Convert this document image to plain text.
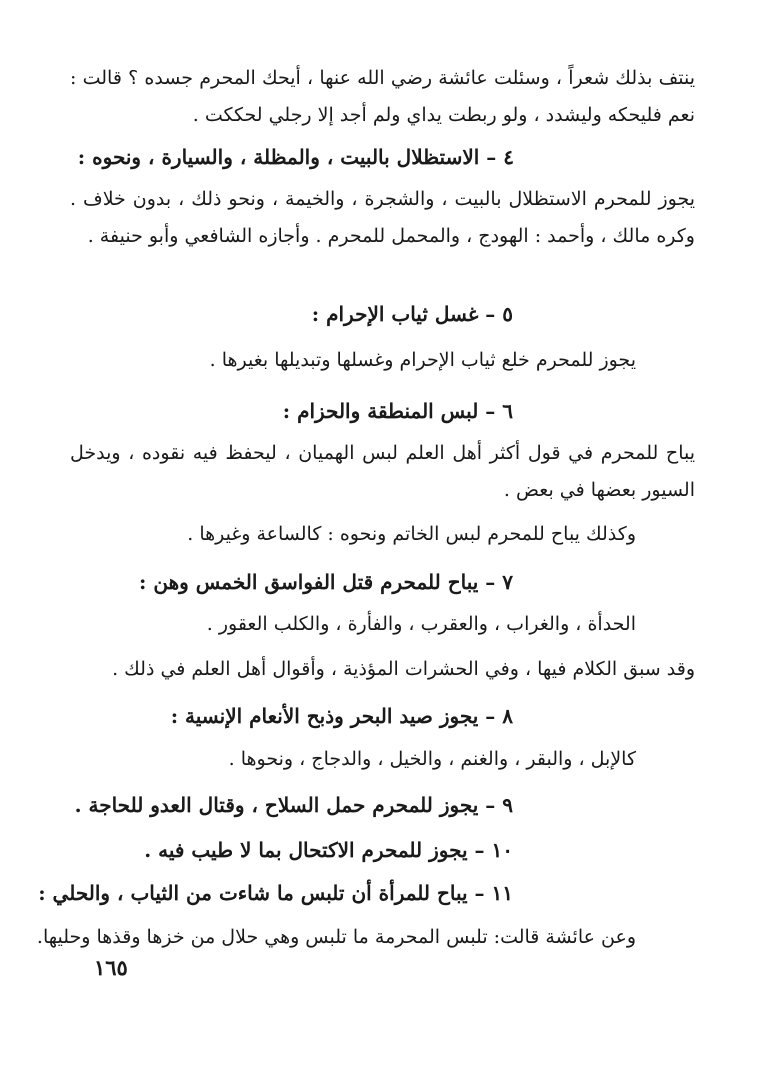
ينتف بذلك شعراً ، وسئلت عائشة رضي الله عنها ، أيحك المحرم جسده ؟ قالت : نعم فليحكه وليشدد ، ولو ربطت يداي ولم أجد إلا رجلي لحككت .

٤ – الاستظلال بالبيت ، والمظلة ، والسيارة ، ونحوه :

يجوز للمحرم الاستظلال بالبيت ، والشجرة ، والخيمة ، ونحو ذلك ، بدون خلاف . وكره مالك ، وأحمد : الهودج ، والمحمل للمحرم . وأجازه الشافعي وأبو حنيفة .

٥ – غسل ثياب الإحرام :

يجوز للمحرم خلع ثياب الإحرام وغسلها وتبديلها بغيرها .

٦ – لبس المنطقة والحزام :

يباح للمحرم في قول أكثر أهل العلم لبس الهميان ، ليحفظ فيه نقوده ، ويدخل السيور بعضها في بعض .

وكذلك يباح للمحرم لبس الخاتم ونحوه : كالساعة وغيرها .

٧ – يباح للمحرم قتل الفواسق الخمس وهن :

الحدأة ، والغراب ، والعقرب ، والفأرة ، والكلب العقور .

وقد سبق الكلام فيها ، وفي الحشرات المؤذية ، وأقوال أهل العلم في ذلك .

٨ – يجوز صيد البحر وذبح الأنعام الإنسية :

كالإبل ، والبقر ، والغنم ، والخيل ، والدجاج ، ونحوها .

٩ – يجوز للمحرم حمل السلاح ، وقتال العدو للحاجة .
١٠ – يجوز للمحرم الاكتحال بما لا طيب فيه .
١١ – يباح للمرأة أن تلبس ما شاءت من الثياب ، والحلي :

وعن عائشة قالت: تلبس المحرمة ما تلبس وهي حلال من خزها وقذها وحليها.

١٦٥
